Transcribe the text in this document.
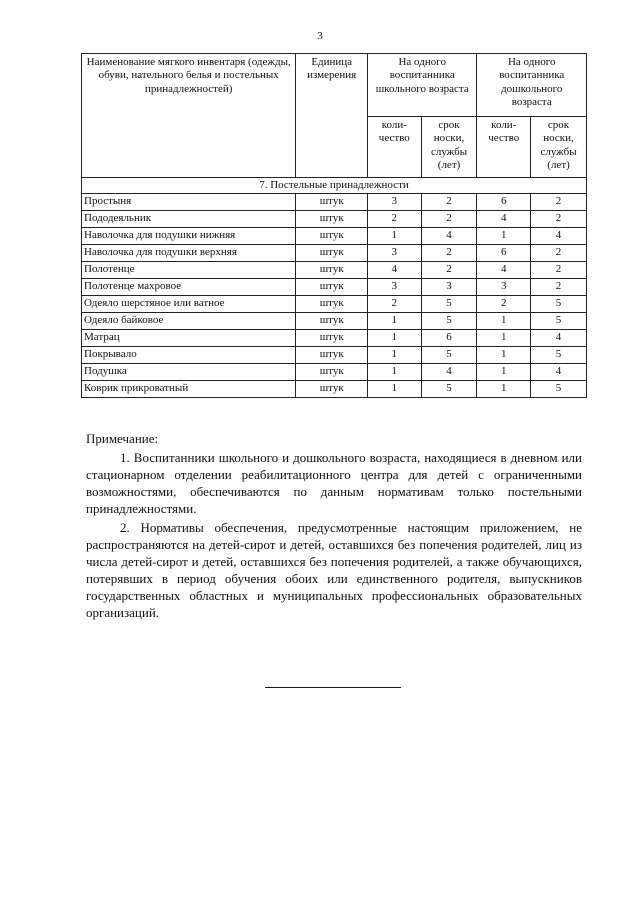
3
Наименование мягкого инвентаря (одежды, обуви, нательного белья и постельных принадлежностей)	Единица измерения	На одного воспитанника школьного возраста		На одного воспитанника дошкольного возраста	
		коли-чество	срок носки, службы (лет)	коли-чество	срок носки, службы (лет)
7. Постельные принадлежности					
Простыня	штук	3	2	6	2
Пододеяльник	штук	2	2	4	2
Наволочка для подушки нижняя	штук	1	4	1	4
Наволочка для подушки верхняя	штук	3	2	6	2
Полотенце	штук	4	2	4	2
Полотенце махровое	штук	3	3	3	2
Одеяло шерстяное или ватное	штук	2	5	2	5
Одеяло байковое	штук	1	5	1	5
Матрац	штук	1	6	1	4
Покрывало	штук	1	5	1	5
Подушка	штук	1	4	1	4
Коврик прикроватный	штук	1	5	1	5
Примечание:
1. Воспитанники школьного и дошкольного возраста, находящиеся в дневном или стационарном отделении реабилитационного центра для детей с ограниченными возможностями, обеспечиваются по данным нормативам только постельными принадлежностями.
2. Нормативы обеспечения, предусмотренные настоящим приложением, не распространяются на детей-сирот и детей, оставшихся без попечения родителей, лиц из числа детей-сирот и детей, оставшихся без попечения родителей, а также обучающихся, потерявших в период обучения обоих или единственного родителя, выпускников государственных областных и муниципальных профессиональных образовательных организаций.
